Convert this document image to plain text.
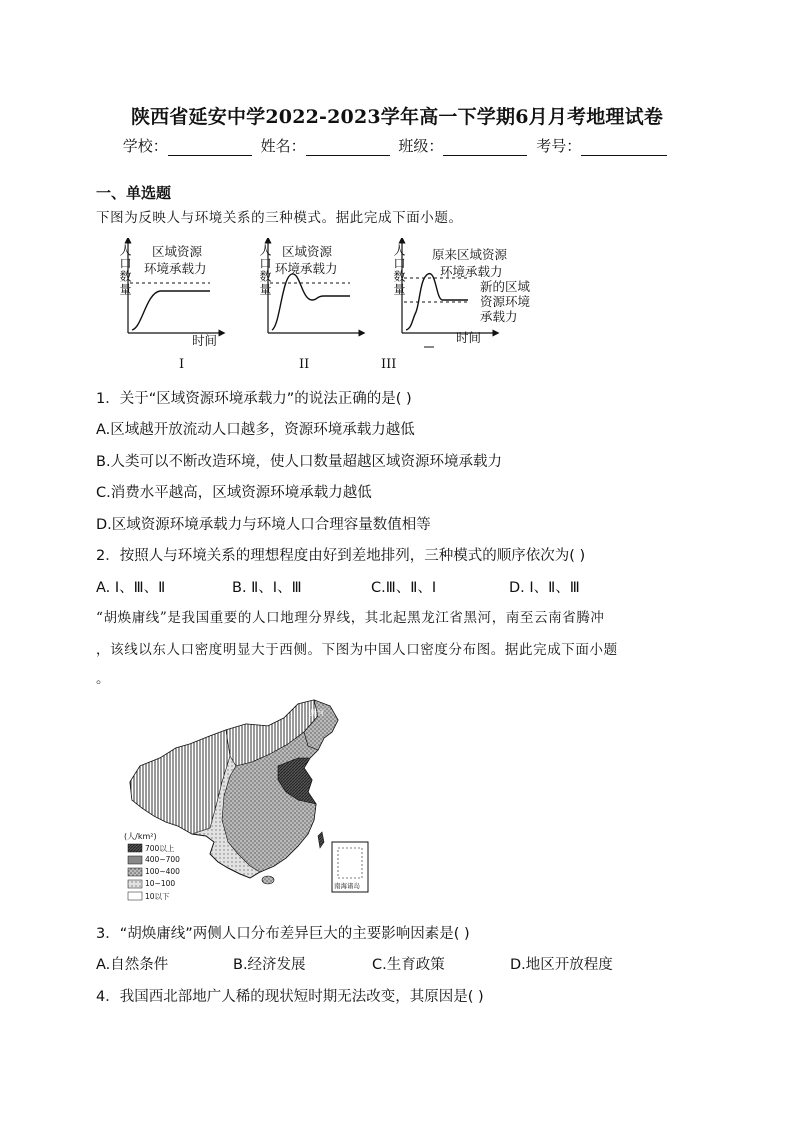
陕西省延安中学2022-2023学年高一下学期6月月考地理试卷
学校：	姓名：	班级：	考号：
一、单选题
下图为反映人与环境关系的三种模式。据此完成下面小题。
人口数量 区域资源
环境承载力
时间
人口数量 区域资源
环境承载力	人口数量 原来区域资源
环境承载力
新的区域
资源环境
承载力
时间
I	II	III
1．关于“区域资源环境承载力”的说法正确的是( )
A.区域越开放流动人口越多，资源环境承载力越低
B.人类可以不断改造环境，使人口数量超越区域资源环境承载力
C.消费水平越高，区域资源环境承载力越低
D.区域资源环境承载力与环境人口合理容量数值相等
2．按照人与环境关系的理想程度由好到差地排列，三种模式的顺序依次为( )
A. Ⅰ、Ⅲ、Ⅱ	B. Ⅱ、Ⅰ、Ⅲ	C.Ⅲ、Ⅱ、Ⅰ	D. Ⅰ、Ⅱ、Ⅲ
“胡焕庸线”是我国重要的人口地理分界线，其北起黑龙江省黑河，南至云南省腾冲
，该线以东人口密度明显大于西侧。下图为中国人口密度分布图。据此完成下面小题
。
(人/km²)
700以上
400~700
100~400
10~100
10以下
南海诸岛
黑河
3．“胡焕庸线”两侧人口分布差异巨大的主要影响因素是( )
A.自然条件	B.经济发展	C.生育政策	D.地区开放程度
4．我国西北部地广人稀的现状短时期无法改变，其原因是( )
